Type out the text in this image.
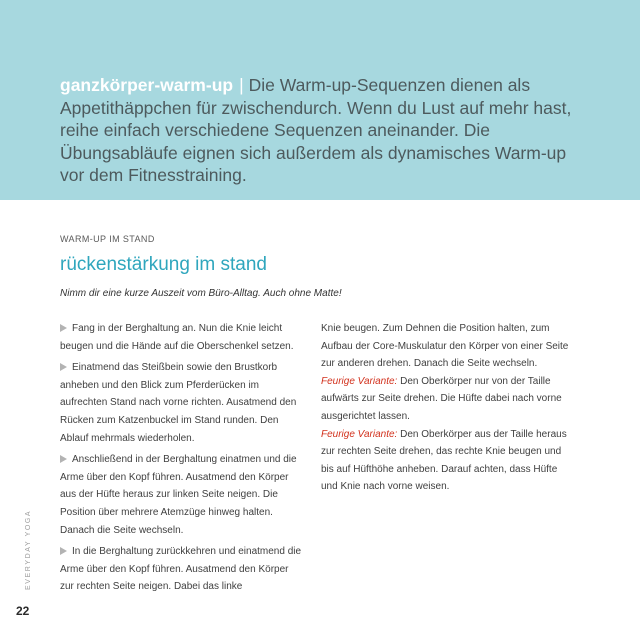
ganzkörper-warm-up | Die Warm-up-Sequenzen dienen als Appetithäppchen für zwischendurch. Wenn du Lust auf mehr hast, reihe einfach verschiedene Sequenzen aneinander. Die Übungsabläufe eignen sich außerdem als dynamisches Warm-up vor dem Fitnesstraining.
WARM-UP IM STAND
rückenstärkung im stand
Nimm dir eine kurze Auszeit vom Büro-Alltag. Auch ohne Matte!

Fang in der Berghaltung an. Nun die Knie leicht beugen und die Hände auf die Oberschenkel setzen.

Einatmend das Steißbein sowie den Brustkorb anheben und den Blick zum Pferderücken im aufrechten Stand nach vorne richten. Ausatmend den Rücken zum Katzenbuckel im Stand runden. Den Ablauf mehrmals wiederholen.

Anschließend in der Berghaltung einatmen und die Arme über den Kopf führen. Ausatmend den Körper aus der Hüfte heraus zur linken Seite neigen. Die Position über mehrere Atemzüge hinweg halten. Danach die Seite wechseln.

In die Berghaltung zurückkehren und einatmend die Arme über den Kopf führen. Ausatmend den Körper zur rechten Seite neigen. Dabei das linke

Knie beugen. Zum Dehnen die Position halten, zum Aufbau der Core-Muskulatur den Körper von einer Seite zur anderen drehen. Danach die Seite wechseln.

Feurige Variante: Den Oberkörper nur von der Taille aufwärts zur Seite drehen. Die Hüfte dabei nach vorne ausgerichtet lassen.

Feurige Variante: Den Oberkörper aus der Taille heraus zur rechten Seite drehen, das rechte Knie beugen und bis auf Hüfthöhe anheben. Darauf achten, dass Hüfte und Knie nach vorne weisen.

EVERYDAY YOGA
22
